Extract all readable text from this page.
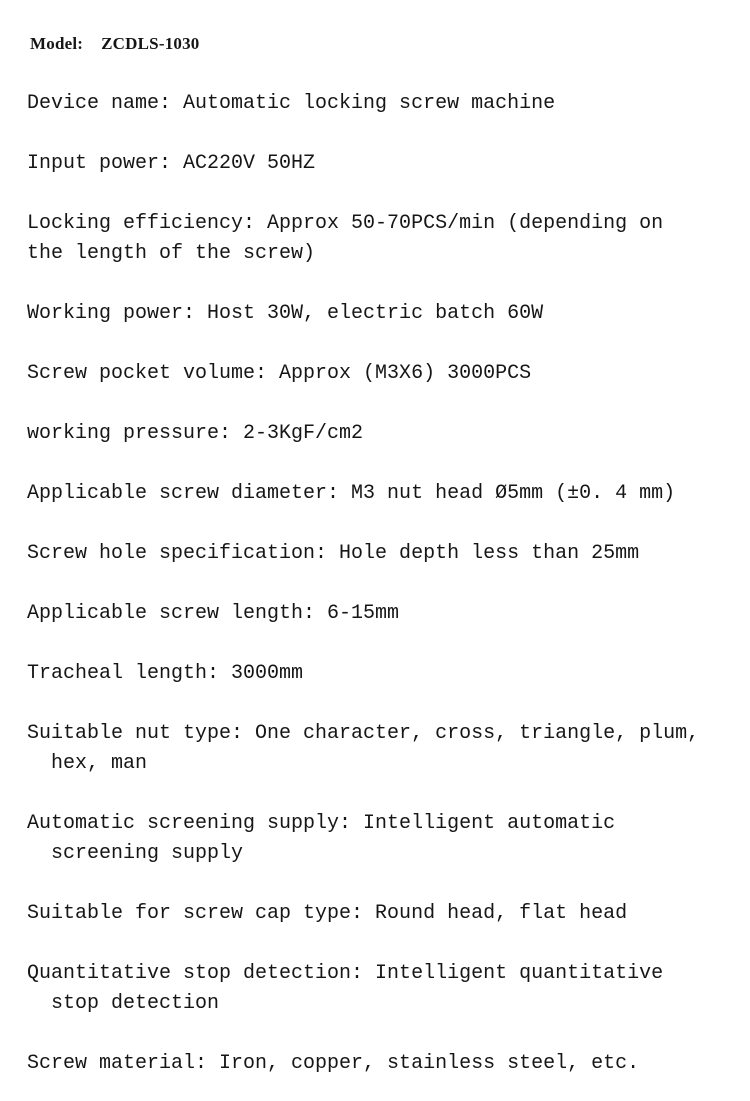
Model: ZCDLS-1030

Device name: Automatic locking screw machine

Input power: AC220V 50HZ

Locking efficiency: Approx 50-70PCS/min (depending on the length of the screw)

Working power: Host 30W, electric batch 60W

Screw pocket volume: Approx (M3X6) 3000PCS

working pressure: 2-3KgF/cm2

Applicable screw diameter: M3 nut head Ø5mm (±0. 4 mm)

Screw hole specification: Hole depth less than 25mm

Applicable screw length: 6-15mm

Tracheal length: 3000mm

Suitable nut type: One character, cross, triangle, plum, hex, man

Automatic screening supply: Intelligent automatic screening supply

Suitable for screw cap type: Round head, flat head

Quantitative stop detection: Intelligent quantitative stop detection

Screw material: Iron, copper, stainless steel, etc.
